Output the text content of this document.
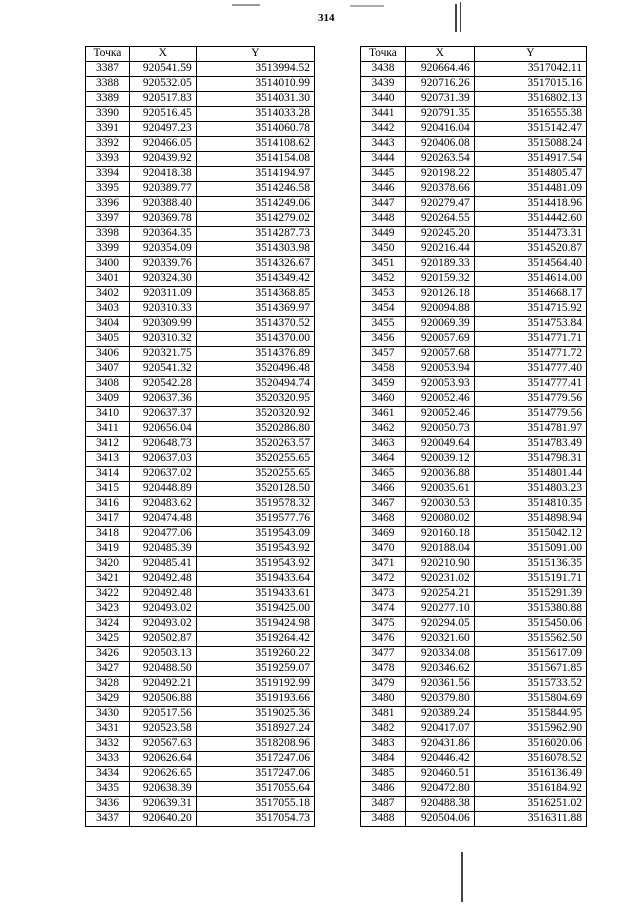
314
Точка	X	Y
3387	920541.59	3513994.52
3388	920532.05	3514010.99
3389	920517.83	3514031.30
3390	920516.45	3514033.28
3391	920497.23	3514060.78
3392	920466.05	3514108.62
3393	920439.92	3514154.08
3394	920418.38	3514194.97
3395	920389.77	3514246.58
3396	920388.40	3514249.06
3397	920369.78	3514279.02
3398	920364.35	3514287.73
3399	920354.09	3514303.98
3400	920339.76	3514326.67
3401	920324.30	3514349.42
3402	920311.09	3514368.85
3403	920310.33	3514369.97
3404	920309.99	3514370.52
3405	920310.32	3514370.00
3406	920321.75	3514376.89
3407	920541.32	3520496.48
3408	920542.28	3520494.74
3409	920637.36	3520320.95
3410	920637.37	3520320.92
3411	920656.04	3520286.80
3412	920648.73	3520263.57
3413	920637.03	3520255.65
3414	920637.02	3520255.65
3415	920448.89	3520128.50
3416	920483.62	3519578.32
3417	920474.48	3519577.76
3418	920477.06	3519543.09
3419	920485.39	3519543.92
3420	920485.41	3519543.92
3421	920492.48	3519433.64
3422	920492.48	3519433.61
3423	920493.02	3519425.00
3424	920493.02	3519424.98
3425	920502.87	3519264.42
3426	920503.13	3519260.22
3427	920488.50	3519259.07
3428	920492.21	3519192.99
3429	920506.88	3519193.66
3430	920517.56	3519025.36
3431	920523.58	3518927.24
3432	920567.63	3518208.96
3433	920626.64	3517247.06
3434	920626.65	3517247.06
3435	920638.39	3517055.64
3436	920639.31	3517055.18
3437	920640.20	3517054.73
Точка	X	Y
3438	920664.46	3517042.11
3439	920716.26	3517015.16
3440	920731.39	3516802.13
3441	920791.35	3516555.38
3442	920416.04	3515142.47
3443	920406.08	3515088.24
3444	920263.54	3514917.54
3445	920198.22	3514805.47
3446	920378.66	3514481.09
3447	920279.47	3514418.96
3448	920264.55	3514442.60
3449	920245.20	3514473.31
3450	920216.44	3514520.87
3451	920189.33	3514564.40
3452	920159.32	3514614.00
3453	920126.18	3514668.17
3454	920094.88	3514715.92
3455	920069.39	3514753.84
3456	920057.69	3514771.71
3457	920057.68	3514771.72
3458	920053.94	3514777.40
3459	920053.93	3514777.41
3460	920052.46	3514779.56
3461	920052.46	3514779.56
3462	920050.73	3514781.97
3463	920049.64	3514783.49
3464	920039.12	3514798.31
3465	920036.88	3514801.44
3466	920035.61	3514803.23
3467	920030.53	3514810.35
3468	920080.02	3514898.94
3469	920160.18	3515042.12
3470	920188.04	3515091.00
3471	920210.90	3515136.35
3472	920231.02	3515191.71
3473	920254.21	3515291.39
3474	920277.10	3515380.88
3475	920294.05	3515450.06
3476	920321.60	3515562.50
3477	920334.08	3515617.09
3478	920346.62	3515671.85
3479	920361.56	3515733.52
3480	920379.80	3515804.69
3481	920389.24	3515844.95
3482	920417.07	3515962.90
3483	920431.86	3516020.06
3484	920446.42	3516078.52
3485	920460.51	3516136.49
3486	920472.80	3516184.92
3487	920488.38	3516251.02
3488	920504.06	3516311.88
